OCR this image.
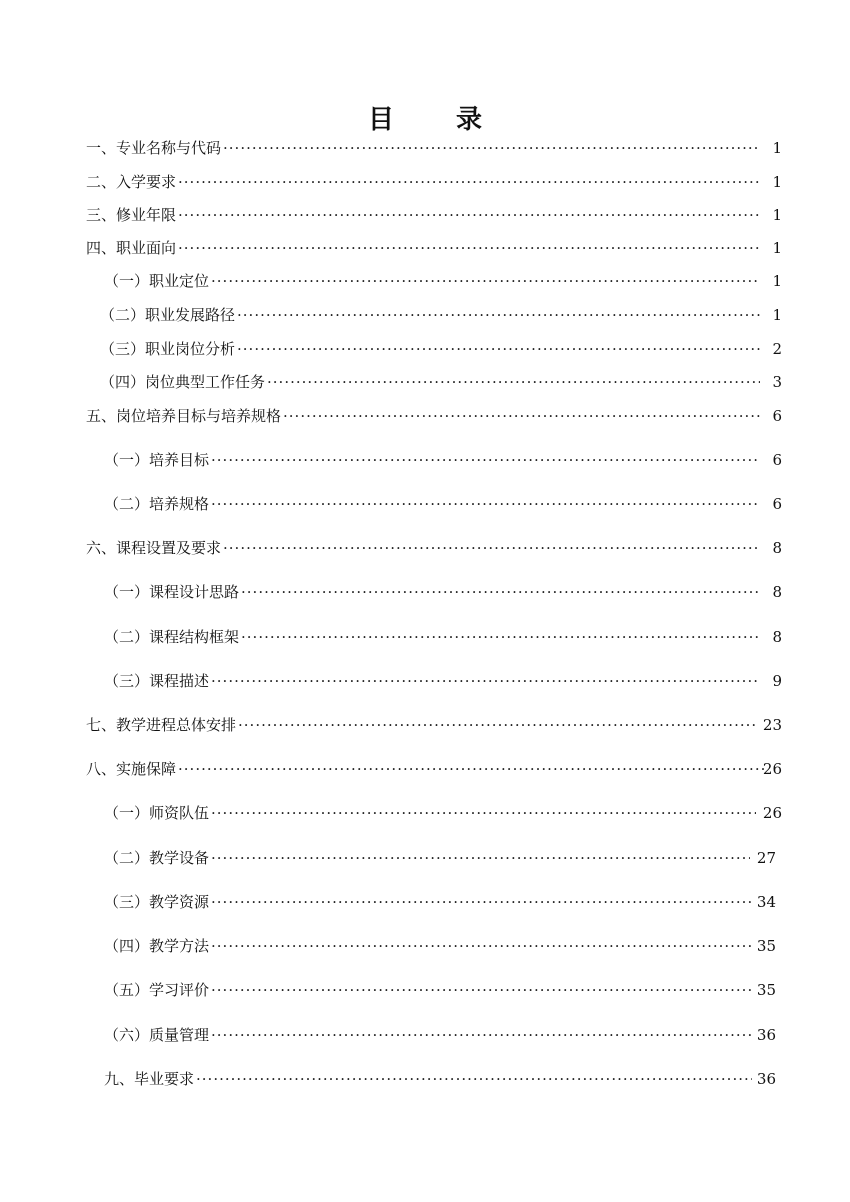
目　录
·····
一、专业名称与代码	1
·····
二、入学要求	1
·····
三、修业年限	1
·····
四、职业面向	1
·····
（一）职业定位	1
·····
（二）职业发展路径	1
·····
（三）职业岗位分析	2
·····
（四）岗位典型工作任务	3
·····
五、岗位培养目标与培养规格	6
·····
（一）培养目标	6
·····
（二）培养规格	6
·····
六、课程设置及要求	8
·····
（一）课程设计思路	8
·····
（二）课程结构框架	8
·····
（三）课程描述	9
·····
七、教学进程总体安排	23
·····
八、实施保障	26
·····
（一）师资队伍	26
·····
（二）教学设备	27
·····
（三）教学资源	34
·····
（四）教学方法	35
·····
（五）学习评价	35
·····
（六）质量管理	36
·····
九、毕业要求	36
